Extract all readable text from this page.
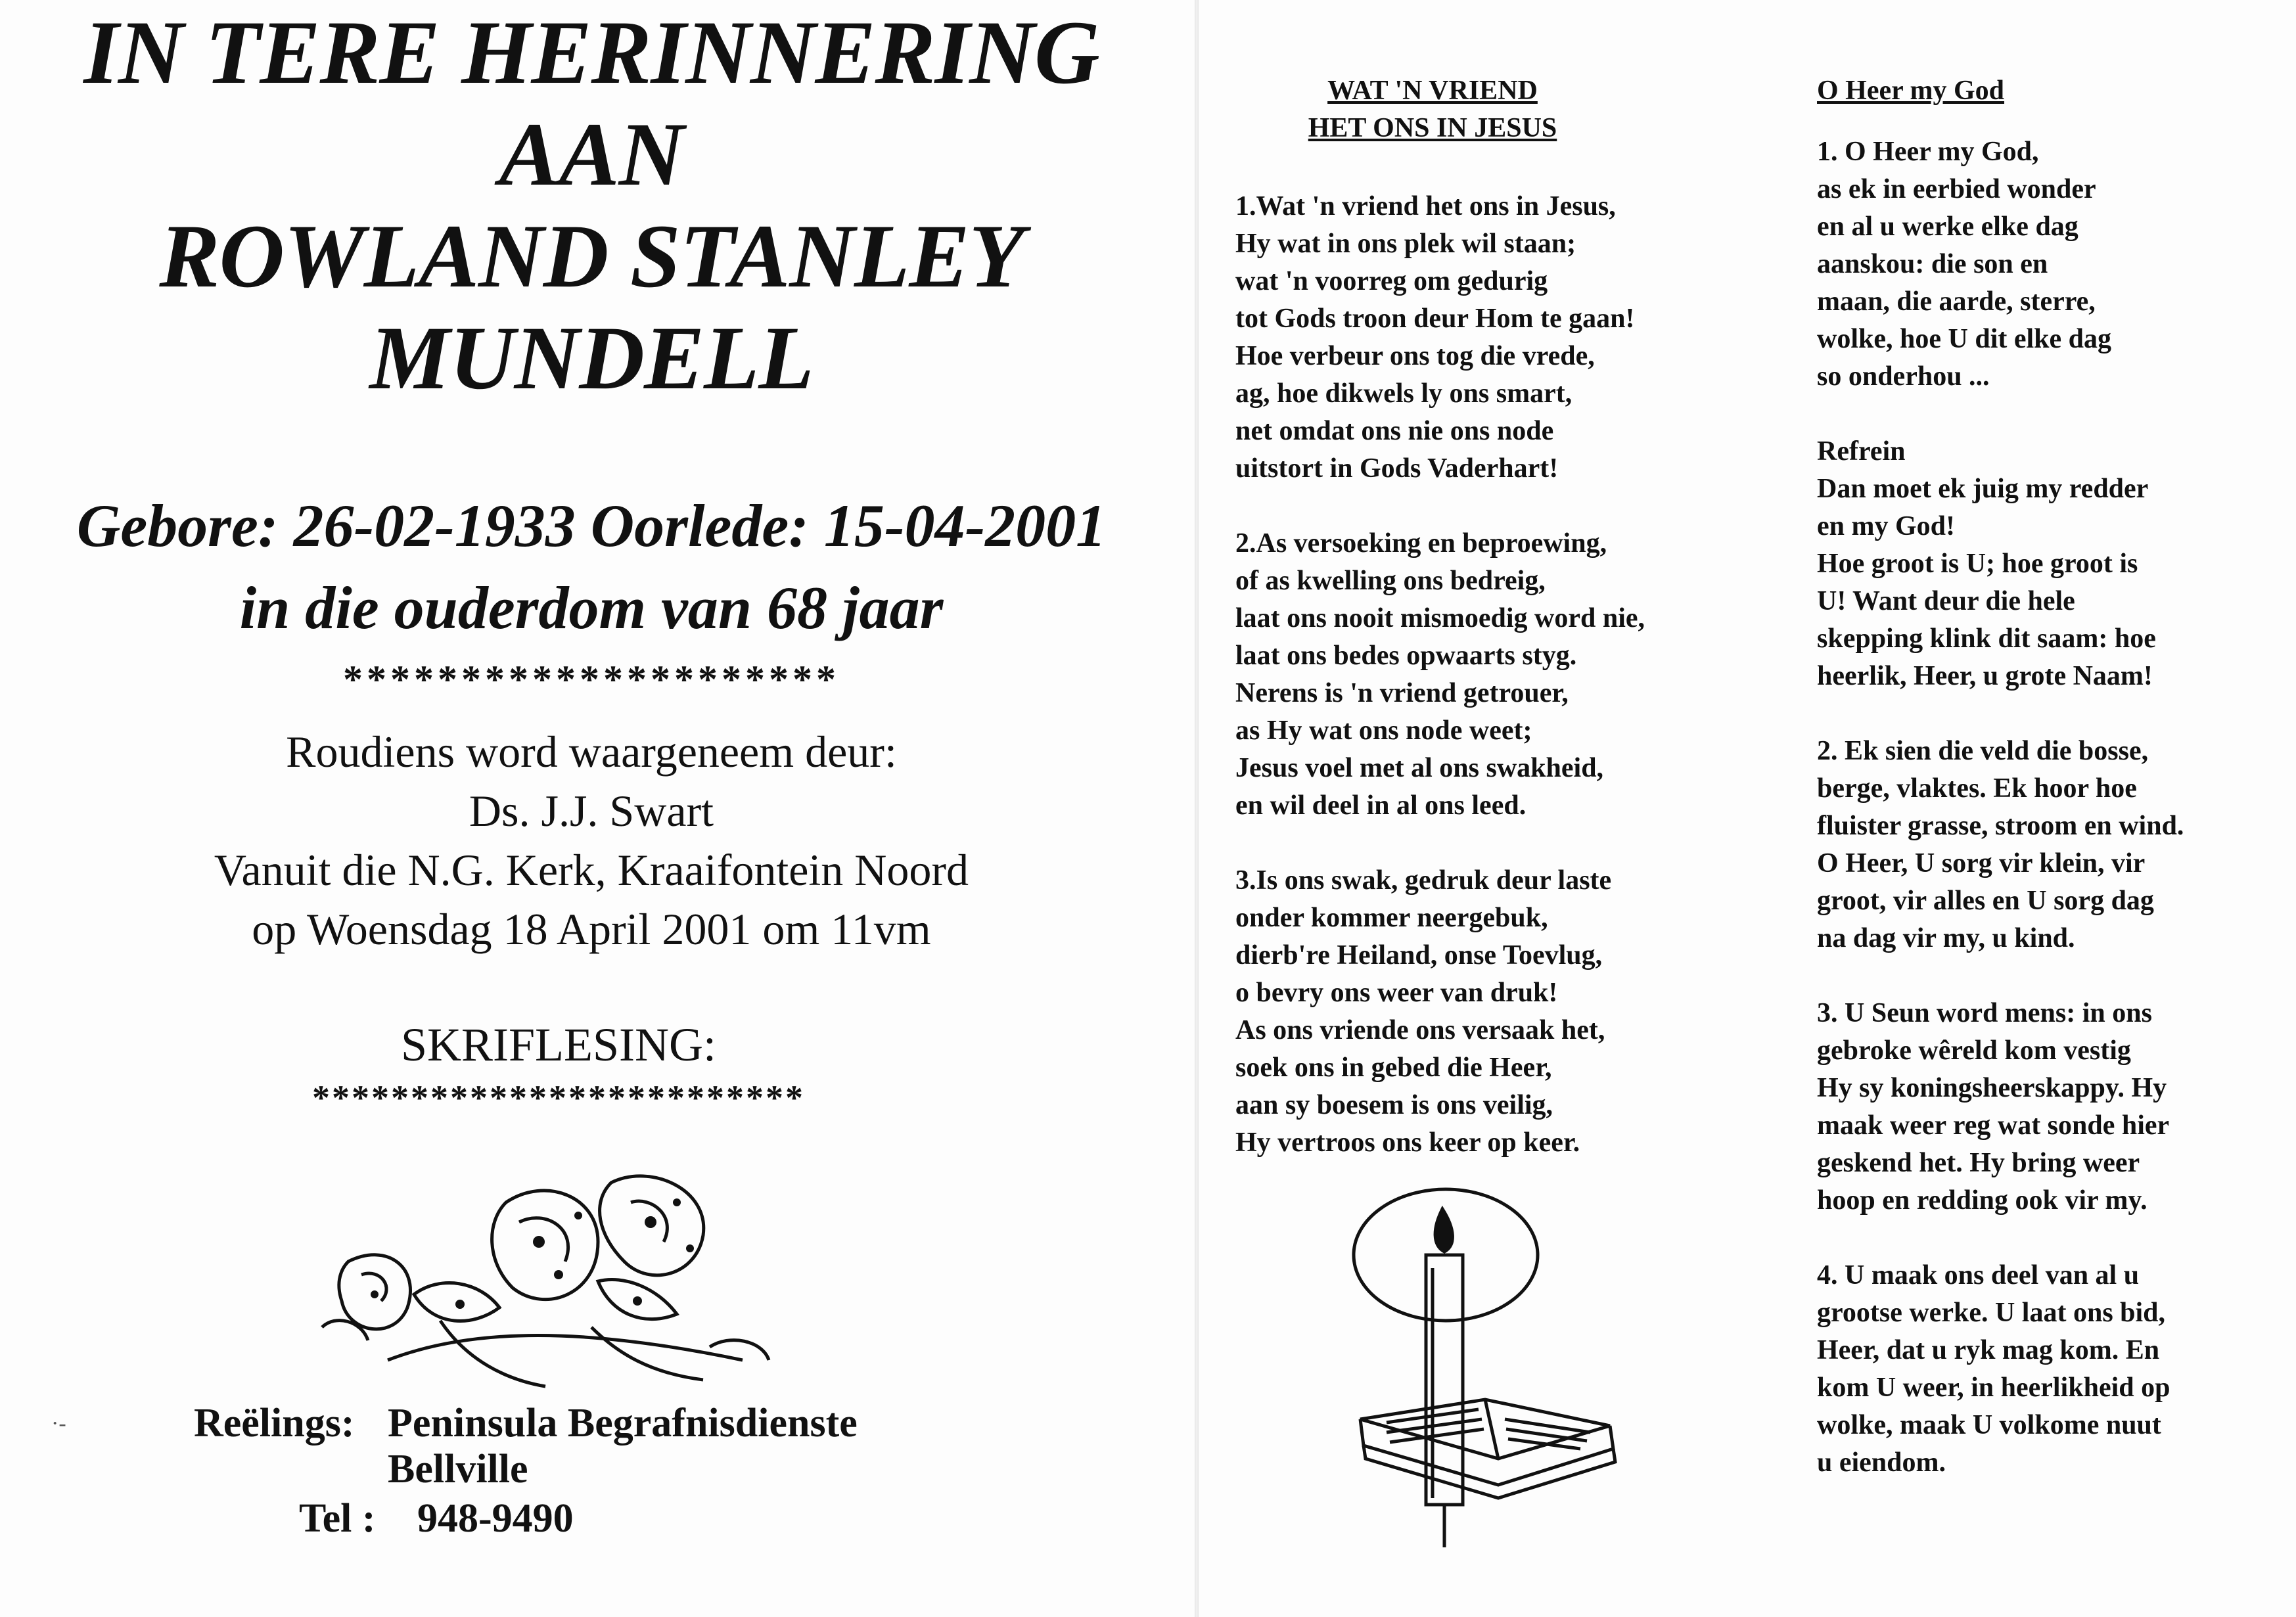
IN TERE HERINNERING
AAN
ROWLAND STANLEY
MUNDELL
Gebore: 26-02-1933 Oorlede: 15-04-2001
in die ouderdom van 68 jaar
*********************
Roudiens word waargeneem deur:
Ds. J.J. Swart
Vanuit die N.G. Kerk, Kraaifontein Noord
op Woensdag 18 April 2001 om 11vm
SKRIFLESING:
*************************
·-	Reëlings: Peninsula Begrafnisdienste
Bellville
Tel : 948-9490
WAT 'N VRIEND
HET ONS IN JESUS
1.Wat 'n vriend het ons in Jesus,
Hy wat in ons plek wil staan;
wat 'n voorreg om gedurig
tot Gods troon deur Hom te gaan!
Hoe verbeur ons tog die vrede,
ag, hoe dikwels ly ons smart,
net omdat ons nie ons node
uitstort in Gods Vaderhart!
2.As versoeking en beproewing,
of as kwelling ons bedreig,
laat ons nooit mismoedig word nie,
laat ons bedes opwaarts styg.
Nerens is 'n vriend getrouer,
as Hy wat ons node weet;
Jesus voel met al ons swakheid,
en wil deel in al ons leed.
3.Is ons swak, gedruk deur laste
onder kommer neergebuk,
dierb're Heiland, onse Toevlug,
o bevry ons weer van druk!
As ons vriende ons versaak het,
soek ons in gebed die Heer,
aan sy boesem is ons veilig,
Hy vertroos ons keer op keer.
O Heer my God
1. O Heer my God,
as ek in eerbied wonder
en al u werke elke dag
aanskou: die son en
maan, die aarde, sterre,
wolke, hoe U dit elke dag
so onderhou ...
Refrein
Dan moet ek juig my redder
en my God!
Hoe groot is U; hoe groot is
U! Want deur die hele
skepping klink dit saam: hoe
heerlik, Heer, u grote Naam!
2. Ek sien die veld die bosse,
berge, vlaktes. Ek hoor hoe
fluister grasse, stroom en wind.
O Heer, U sorg vir klein, vir
groot, vir alles en U sorg dag
na dag vir my, u kind.
3. U Seun word mens: in ons
gebroke wêreld kom vestig
Hy sy koningsheerskappy. Hy
maak weer reg wat sonde hier
geskend het. Hy bring weer
hoop en redding ook vir my.
4. U maak ons deel van al u
grootse werke. U laat ons bid,
Heer, dat u ryk mag kom. En
kom U weer, in heerlikheid op
wolke, maak U volkome nuut
u eiendom.
